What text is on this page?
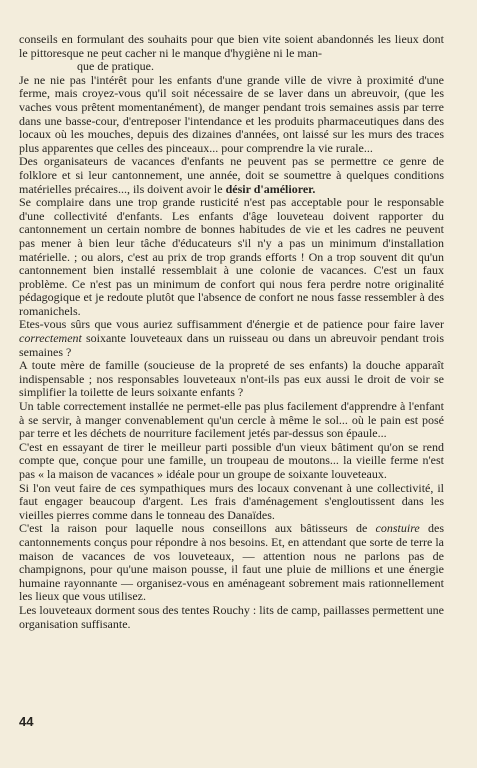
conseils en formulant des souhaits pour que bien vite soient abandonnés les lieux dont le pittoresque ne peut cacher ni le manque d'hygiène ni le man-
que de pratique.

Je ne nie pas l'intérêt pour les enfants d'une grande ville de vivre à proximité d'une ferme, mais croyez-vous qu'il soit nécessaire de se laver dans un abreuvoir, (que les vaches vous prêtent momentanément), de manger pendant trois semaines assis par terre dans une basse-cour, d'entreposer l'intendance et les produits pharmaceutiques dans des locaux où les mouches, depuis des dizaines d'années, ont laissé sur les murs des traces plus apparentes que celles des pinceaux... pour comprendre la vie rurale...

Des organisateurs de vacances d'enfants ne peuvent pas se permettre ce genre de folklore et si leur cantonnement, une année, doit se soumettre à quelques conditions matérielles précaires..., ils doivent avoir le désir d'améliorer.

Se complaire dans une trop grande rusticité n'est pas acceptable pour le responsable d'une collectivité d'enfants. Les enfants d'âge louveteau doivent rapporter du cantonnement un certain nombre de bonnes habitudes de vie et les cadres ne peuvent pas mener à bien leur tâche d'éducateurs s'il n'y a pas un minimum d'installation matérielle. ; ou alors, c'est au prix de trop grands efforts ! On a trop souvent dit qu'un cantonnement bien installé ressemblait à une colonie de vacances. C'est un faux problème. Ce n'est pas un minimum de confort qui nous fera perdre notre originalité pédagogique et je redoute plutôt que l'absence de confort ne nous fasse ressembler à des romanichels.

Etes-vous sûrs que vous auriez suffisamment d'énergie et de patience pour faire laver correctement soixante louveteaux dans un ruisseau ou dans un abreuvoir pendant trois semaines ?

A toute mère de famille (soucieuse de la propreté de ses enfants) la douche apparaît indispensable ; nos responsables louveteaux n'ont-ils pas eux aussi le droit de voir se simplifier la toilette de leurs soixante enfants ?

Un table correctement installée ne permet-elle pas plus facilement d'apprendre à l'enfant à se servir, à manger convenablement qu'un cercle à même le sol... où le pain est posé par terre et les déchets de nourriture facilement jetés par-dessus son épaule...

C'est en essayant de tirer le meilleur parti possible d'un vieux bâtiment qu'on se rend compte que, conçue pour une famille, un troupeau de moutons... la vieille ferme n'est pas « la maison de vacances » idéale pour un groupe de soixante louveteaux.

Si l'on veut faire de ces sympathiques murs des locaux convenant à une collectivité, il faut engager beaucoup d'argent. Les frais d'aménagement s'engloutissent dans les vieilles pierres comme dans le tonneau des Danaïdes.

C'est la raison pour laquelle nous conseillons aux bâtisseurs de constuire des cantonnements conçus pour répondre à nos besoins. Et, en attendant que sorte de terre la maison de vacances de vos louveteaux, — attention nous ne parlons pas de champignons, pour qu'une maison pousse, il faut une pluie de millions et une énergie humaine rayonnante — organisez-vous en aménageant sobrement mais rationnellement les lieux que vous utilisez.

Les louveteaux dorment sous des tentes Rouchy : lits de camp, paillasses permettent une organisation suffisante.

44
